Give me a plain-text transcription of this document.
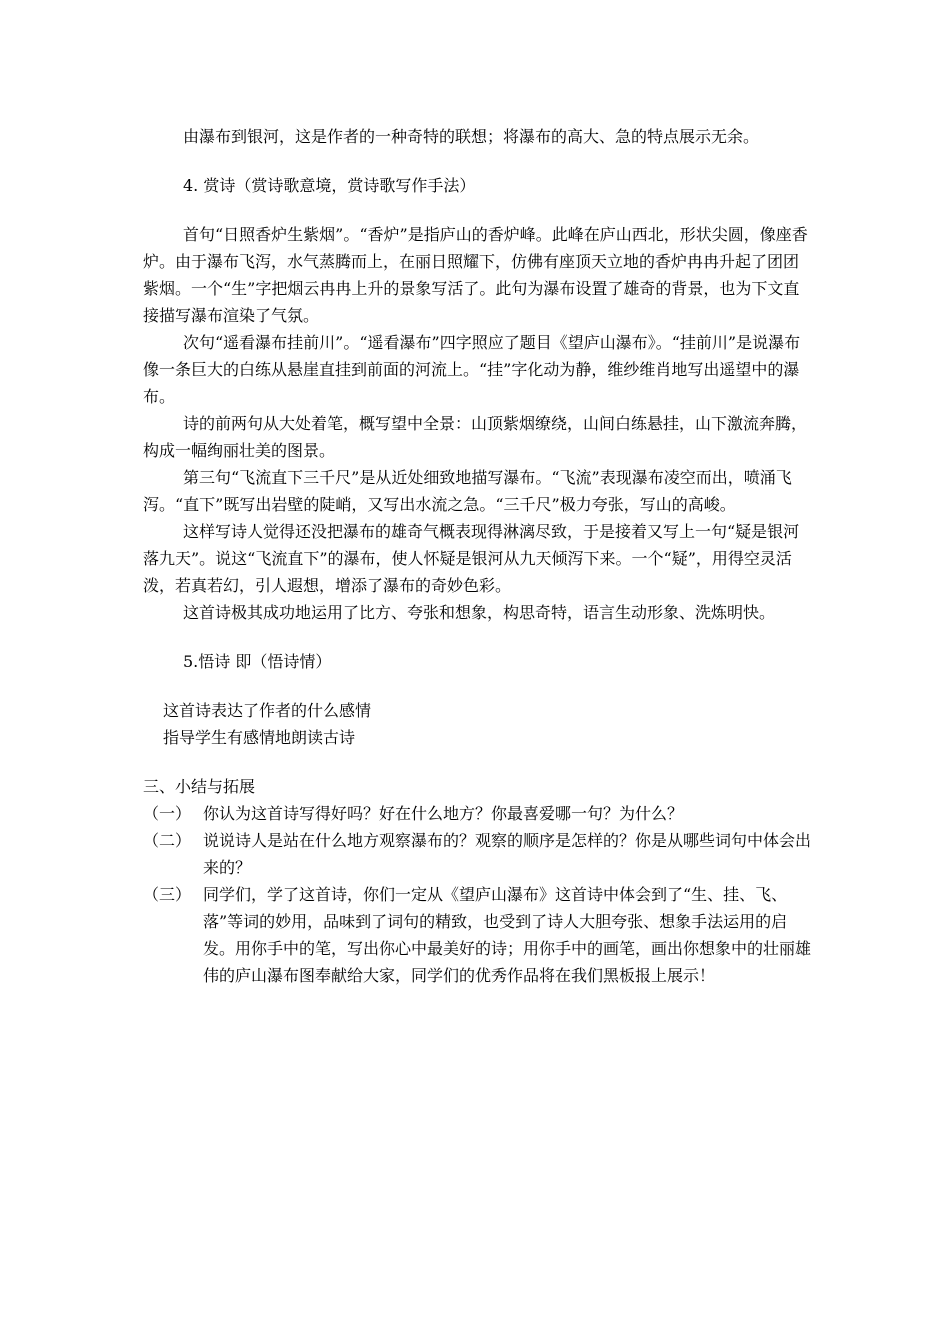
由瀑布到银河，这是作者的一种奇特的联想；将瀑布的高大、急的特点展示无余。

4. 赏诗（赏诗歌意境，赏诗歌写作手法）

首句“日照香炉生紫烟”。“香炉”是指庐山的香炉峰。此峰在庐山西北，形状尖圆，像座香炉。由于瀑布飞泻，水气蒸腾而上，在丽日照耀下，仿佛有座顶天立地的香炉冉冉升起了团团紫烟。一个“生”字把烟云冉冉上升的景象写活了。此句为瀑布设置了雄奇的背景，也为下文直接描写瀑布渲染了气氛。

次句“遥看瀑布挂前川”。“遥看瀑布”四字照应了题目《望庐山瀑布》。“挂前川”是说瀑布像一条巨大的白练从悬崖直挂到前面的河流上。“挂”字化动为静，维纱维肖地写出遥望中的瀑布。

诗的前两句从大处着笔，概写望中全景：山顶紫烟缭绕，山间白练悬挂，山下激流奔腾，构成一幅绚丽壮美的图景。

第三句“飞流直下三千尺”是从近处细致地描写瀑布。“飞流”表现瀑布凌空而出，喷涌飞泻。“直下”既写出岩壁的陡峭，又写出水流之急。“三千尺”极力夸张，写山的高峻。

这样写诗人觉得还没把瀑布的雄奇气概表现得淋漓尽致，于是接着又写上一句“疑是银河落九天”。说这“飞流直下”的瀑布，使人怀疑是银河从九天倾泻下来。一个“疑”，用得空灵活泼，若真若幻，引人遐想，增添了瀑布的奇妙色彩。

这首诗极其成功地运用了比方、夸张和想象，构思奇特，语言生动形象、洗炼明快。

5.悟诗 即（悟诗情）

这首诗表达了作者的什么感情

指导学生有感情地朗读古诗

三、小结与拓展

（一） 你认为这首诗写得好吗？好在什么地方？你最喜爱哪一句？为什么？
（二） 说说诗人是站在什么地方观察瀑布的？观察的顺序是怎样的？你是从哪些词句中体会出来的？
（三） 同学们，学了这首诗，你们一定从《望庐山瀑布》这首诗中体会到了“生、挂、飞、落”等词的妙用，品味到了词句的精致，也受到了诗人大胆夸张、想象手法运用的启发。用你手中的笔，写出你心中最美好的诗；用你手中的画笔，画出你想象中的壮丽雄伟的庐山瀑布图奉献给大家，同学们的优秀作品将在我们黑板报上展示！
